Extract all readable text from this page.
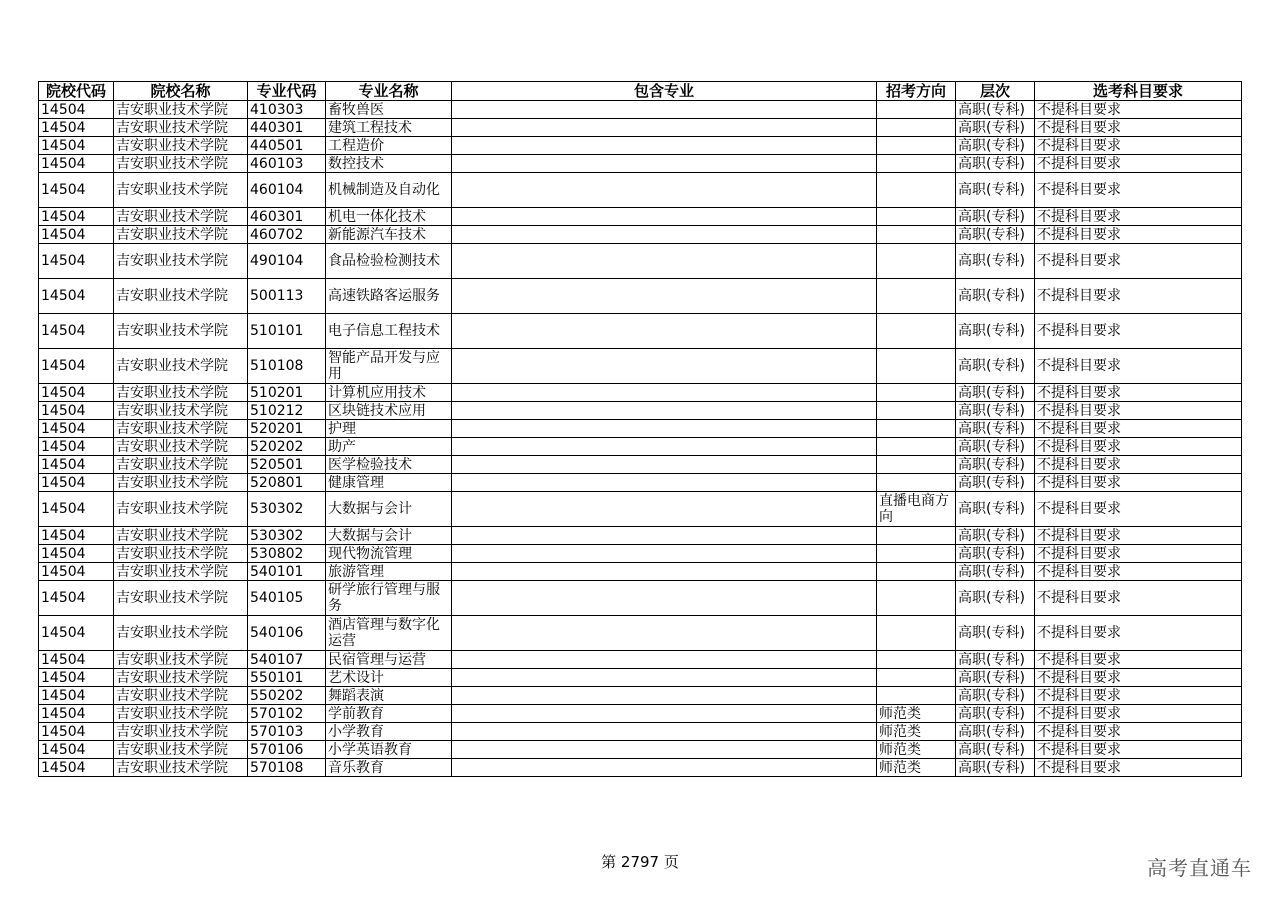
院校代码	院校名称	专业代码	专业名称	包含专业	招考方向	层次	选考科目要求
14504	吉安职业技术学院	410303	畜牧兽医			高职(专科)	不提科目要求
14504	吉安职业技术学院	440301	建筑工程技术			高职(专科)	不提科目要求
14504	吉安职业技术学院	440501	工程造价			高职(专科)	不提科目要求
14504	吉安职业技术学院	460103	数控技术			高职(专科)	不提科目要求
14504	吉安职业技术学院	460104	机械制造及自动化			高职(专科)	不提科目要求
14504	吉安职业技术学院	460301	机电一体化技术			高职(专科)	不提科目要求
14504	吉安职业技术学院	460702	新能源汽车技术			高职(专科)	不提科目要求
14504	吉安职业技术学院	490104	食品检验检测技术			高职(专科)	不提科目要求
14504	吉安职业技术学院	500113	高速铁路客运服务			高职(专科)	不提科目要求
14504	吉安职业技术学院	510101	电子信息工程技术			高职(专科)	不提科目要求
14504	吉安职业技术学院	510108	智能产品开发与应用			高职(专科)	不提科目要求
14504	吉安职业技术学院	510201	计算机应用技术			高职(专科)	不提科目要求
14504	吉安职业技术学院	510212	区块链技术应用			高职(专科)	不提科目要求
14504	吉安职业技术学院	520201	护理			高职(专科)	不提科目要求
14504	吉安职业技术学院	520202	助产			高职(专科)	不提科目要求
14504	吉安职业技术学院	520501	医学检验技术			高职(专科)	不提科目要求
14504	吉安职业技术学院	520801	健康管理			高职(专科)	不提科目要求
14504	吉安职业技术学院	530302	大数据与会计		直播电商方向	高职(专科)	不提科目要求
14504	吉安职业技术学院	530302	大数据与会计			高职(专科)	不提科目要求
14504	吉安职业技术学院	530802	现代物流管理			高职(专科)	不提科目要求
14504	吉安职业技术学院	540101	旅游管理			高职(专科)	不提科目要求
14504	吉安职业技术学院	540105	研学旅行管理与服务			高职(专科)	不提科目要求
14504	吉安职业技术学院	540106	酒店管理与数字化运营			高职(专科)	不提科目要求
14504	吉安职业技术学院	540107	民宿管理与运营			高职(专科)	不提科目要求
14504	吉安职业技术学院	550101	艺术设计			高职(专科)	不提科目要求
14504	吉安职业技术学院	550202	舞蹈表演			高职(专科)	不提科目要求
14504	吉安职业技术学院	570102	学前教育		师范类	高职(专科)	不提科目要求
14504	吉安职业技术学院	570103	小学教育		师范类	高职(专科)	不提科目要求
14504	吉安职业技术学院	570106	小学英语教育		师范类	高职(专科)	不提科目要求
14504	吉安职业技术学院	570108	音乐教育		师范类	高职(专科)	不提科目要求
第 2797 页	高考直通车
